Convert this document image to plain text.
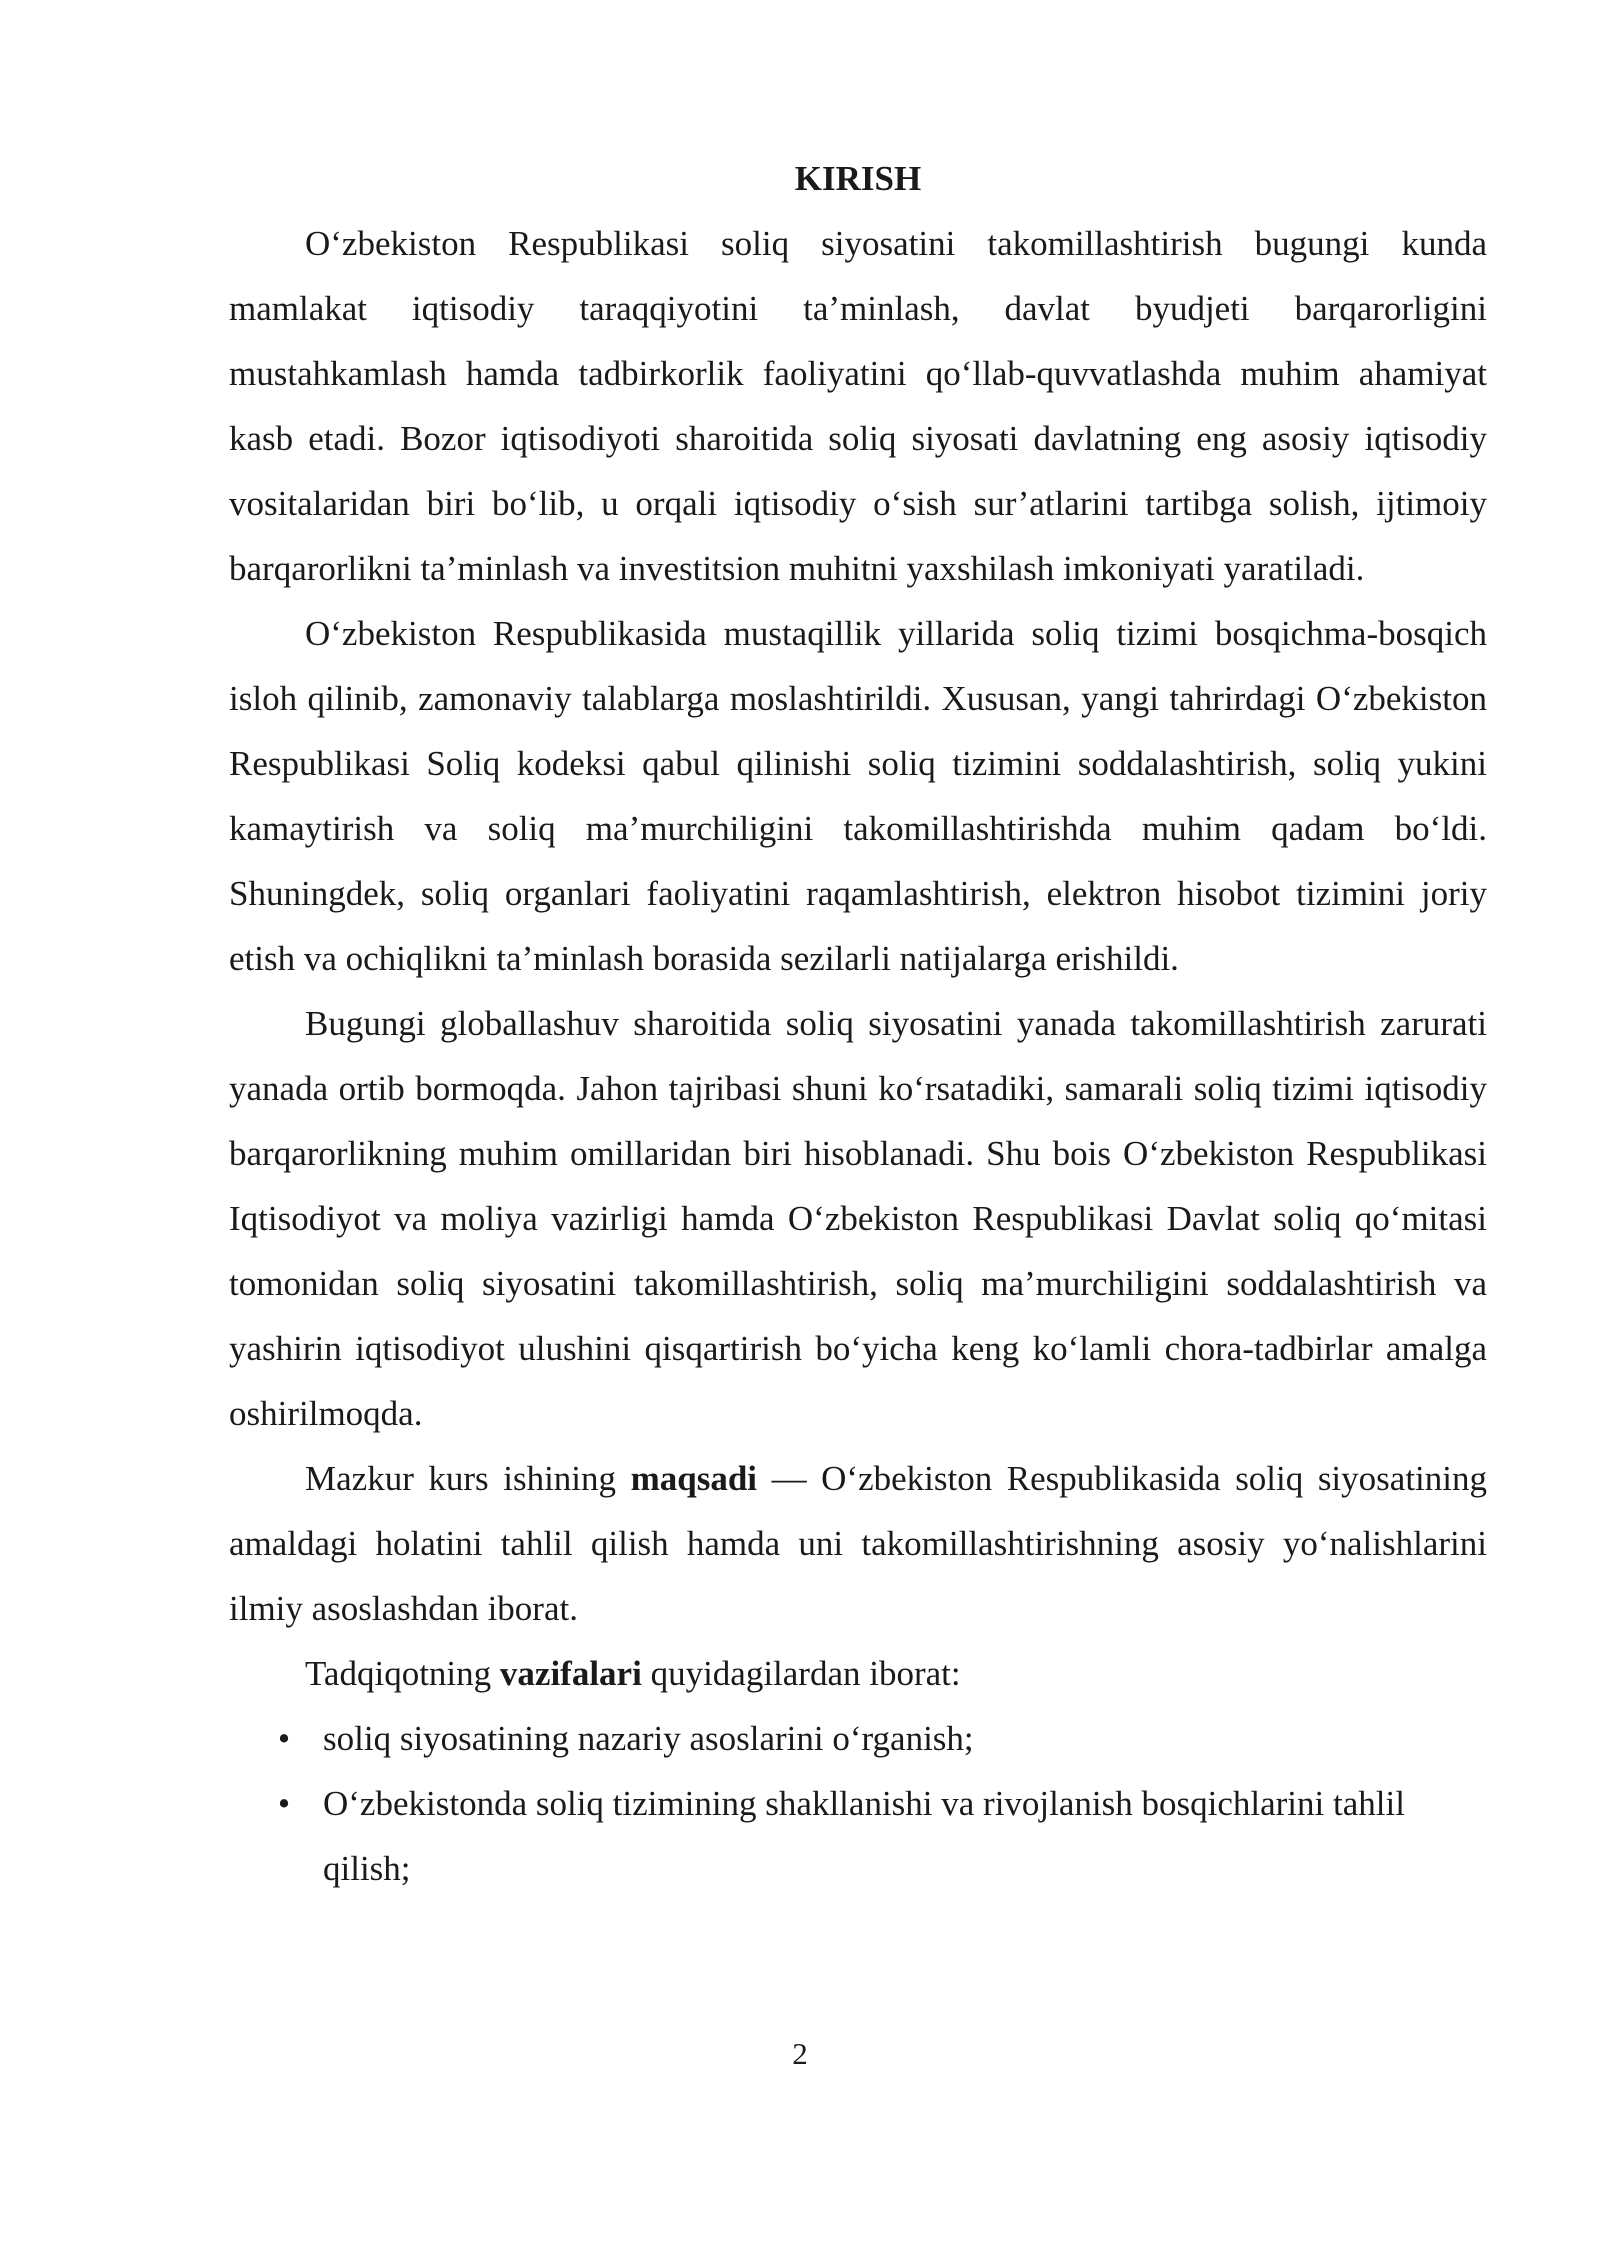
KIRISH

O‘zbekiston Respublikasi soliq siyosatini takomillashtirish bugungi kunda mamlakat iqtisodiy taraqqiyotini ta’minlash, davlat byudjeti barqarorligini mustahkamlash hamda tadbirkorlik faoliyatini qo‘llab-quvvatlashda muhim ahamiyat kasb etadi. Bozor iqtisodiyoti sharoitida soliq siyosati davlatning eng asosiy iqtisodiy vositalaridan biri bo‘lib, u orqali iqtisodiy o‘sish sur’atlarini tartibga solish, ijtimoiy barqarorlikni ta’minlash va investitsion muhitni yaxshilash imkoniyati yaratiladi.

O‘zbekiston Respublikasida mustaqillik yillarida soliq tizimi bosqichma-bosqich isloh qilinib, zamonaviy talablarga moslashtirildi. Xususan, yangi tahrirdagi O‘zbekiston Respublikasi Soliq kodeksi qabul qilinishi soliq tizimini soddalashtirish, soliq yukini kamaytirish va soliq ma’murchiligini takomillashtirishda muhim qadam bo‘ldi. Shuningdek, soliq organlari faoliyatini raqamlashtirish, elektron hisobot tizimini joriy etish va ochiqlikni ta’minlash borasida sezilarli natijalarga erishildi.

Bugungi globallashuv sharoitida soliq siyosatini yanada takomillashtirish zarurati yanada ortib bormoqda. Jahon tajribasi shuni ko‘rsatadiki, samarali soliq tizimi iqtisodiy barqarorlikning muhim omillaridan biri hisoblanadi. Shu bois O‘zbekiston Respublikasi Iqtisodiyot va moliya vazirligi hamda O‘zbekiston Respublikasi Davlat soliq qo‘mitasi tomonidan soliq siyosatini takomillashtirish, soliq ma’murchiligini soddalashtirish va yashirin iqtisodiyot ulushini qisqartirish bo‘yicha keng ko‘lamli chora-tadbirlar amalga oshirilmoqda.

Mazkur kurs ishining maqsadi — O‘zbekiston Respublikasida soliq siyosatining amaldagi holatini tahlil qilish hamda uni takomillashtirishning asosiy yo‘nalishlarini ilmiy asoslashdan iborat.

Tadqiqotning vazifalari quyidagilardan iborat:

• soliq siyosatining nazariy asoslarini o‘rganish;
• O‘zbekistonda soliq tizimining shakllanishi va rivojlanish bosqichlarini tahlil qilish;
2
